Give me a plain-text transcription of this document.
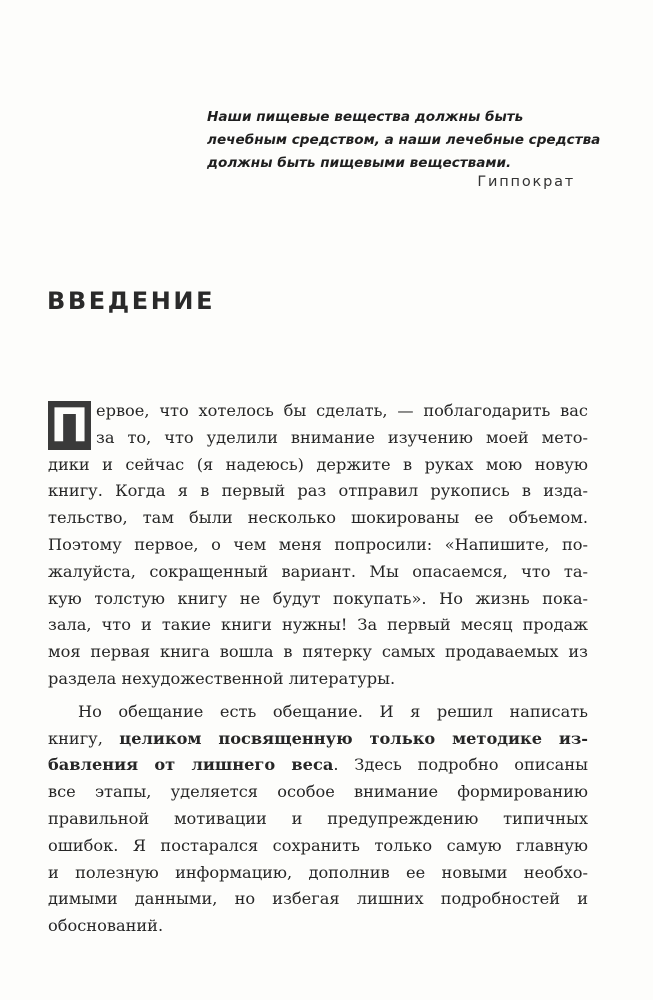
Наши пищевые вещества должны быть
лечебным средством, а наши лечебные средства
должны быть пищевыми веществами.
Гиппократ
ВВЕДЕНИЕ
П ервое, что хотелось бы сделать, — поблагодарить вас
за то, что уделили внимание изучению моей мето-
дики и сейчас (я надеюсь) держите в руках мою новую
книгу. Когда я в первый раз отправил рукопись в изда-
тельство, там были несколько шокированы ее объемом.
Поэтому первое, о чем меня попросили: «Напишите, по-
жалуйста, сокращенный вариант. Мы опасаемся, что та-
кую толстую книгу не будут покупать». Но жизнь пока-
зала, что и такие книги нужны! За первый месяц продаж
моя первая книга вошла в пятерку самых продаваемых из
раздела нехудожественной литературы.
Но обещание есть обещание. И я решил написать
книгу, целиком посвященную только методике из-
бавления от лишнего веса. Здесь подробно описаны
все этапы, уделяется особое внимание формированию
правильной мотивации и предупреждению типичных
ошибок. Я постарался сохранить только самую главную
и полезную информацию, дополнив ее новыми необхо-
димыми данными, но избегая лишних подробностей и
обоснований.
